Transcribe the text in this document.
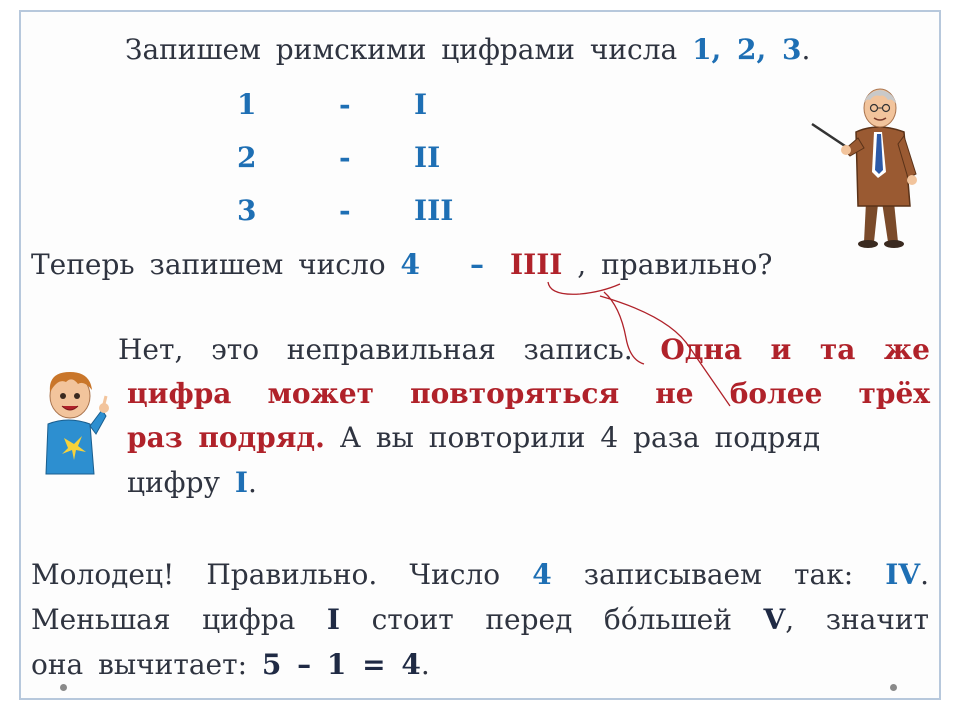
Запишем римскими цифрами числа 1, 2, 3.
1	- I
2	- II
3	- III
Теперь запишем число 4 – IIII , правильно?
Нет, это неправильная запись. Одна и та же
цифра может повторяться не более трёх
раз подряд. А вы повторили 4 раза подряд
цифру I.
Молодец! Правильно. Число 4 записываем так: IV.
Меньшая цифра I стоит перед бóльшей V, значит
она вычитает: 5 – 1 = 4.
